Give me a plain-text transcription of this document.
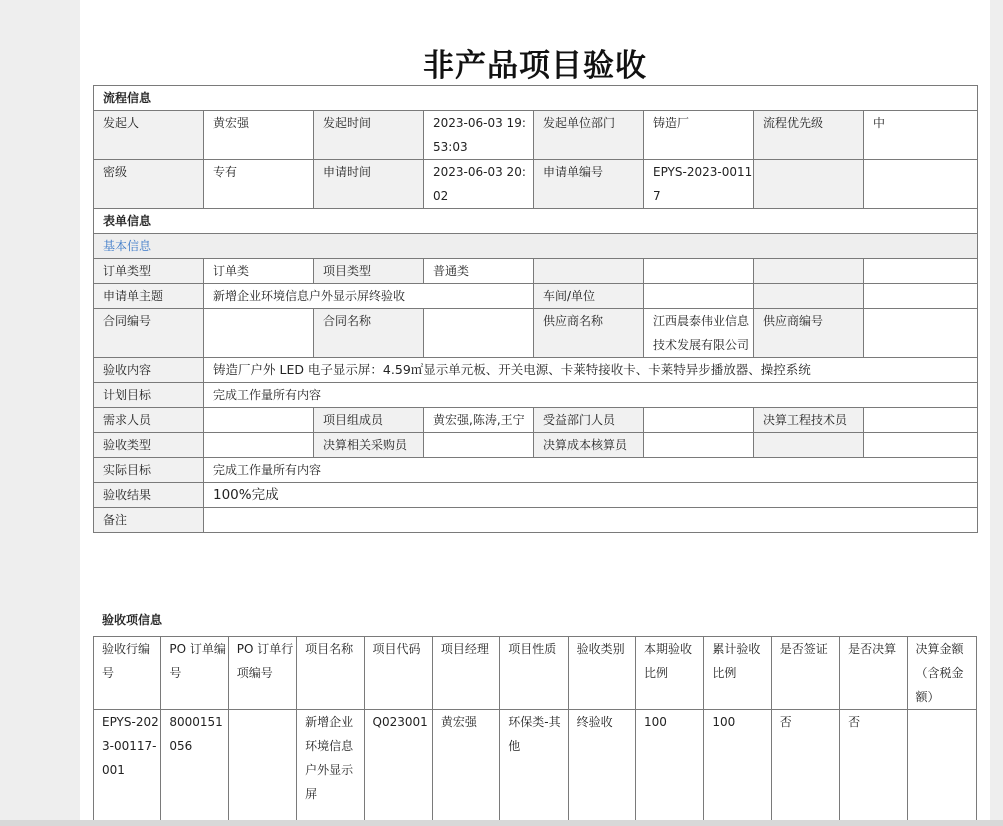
非产品项目验收
流程信息							
发起人	黄宏强	发起时间	2023-06-03 19:53:03	发起单位部门	铸造厂	流程优先级	中
密级	专有	申请时间	2023-06-03 20:02	申请单编号	EPYS-2023-00117		
表单信息							
基本信息							
订单类型	订单类	项目类型	普通类				
申请单主题	新增企业环境信息户外显示屏终验收			车间/单位			
合同编号		合同名称		供应商名称	江西晨泰伟业信息技术发展有限公司	供应商编号	
验收内容	铸造厂户外 LED 电子显示屏：4.59㎡显示单元板、开关电源、卡莱特接收卡、卡莱特异步播放器、操控系统						
计划目标	完成工作量所有内容						
需求人员		项目组成员	黄宏强,陈涛,王宁	受益部门人员		决算工程技术员	
验收类型		决算相关采购员		决算成本核算员			
实际目标	完成工作量所有内容						
验收结果	100%完成						
备注							
验收项信息
验收行编号	PO 订单编号	PO 订单行项编号	项目名称	项目代码	项目经理	项目性质	验收类别	本期验收比例	累计验收比例	是否签证	是否决算	决算金额（含税金额）
EPYS-2023-00117-001	8000151056		新增企业环境信息户外显示屏	Q023001	黄宏强	环保类-其他	终验收	100	100	否	否	
